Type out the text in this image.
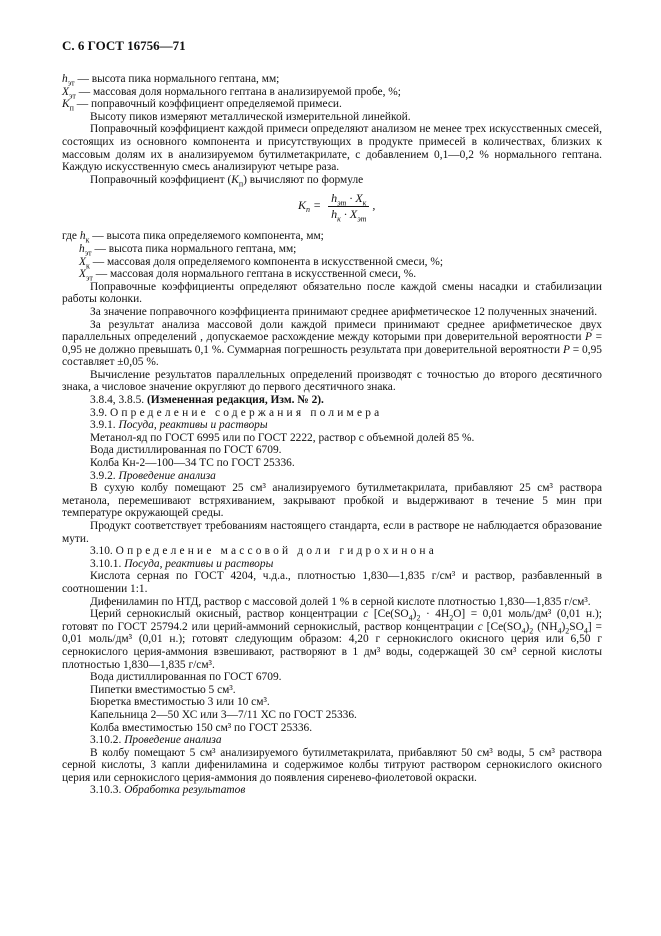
С. 6 ГОСТ 16756—71

$h_{эт}$ — высота пика нормального гептана, мм;

$X_{эт}$ — массовая доля нормального гептана в анализируемой пробе, %;

$K_п$ — поправочный коэффициент определяемой примеси.

Высоту пиков измеряют металлической измерительной линейкой.

Поправочный коэффициент каждой примеси определяют анализом не менее трех искусственных смесей, состоящих из основного компонента и присутствующих в продукте примесей в количествах, близких к массовым долям их в анализируемом бутилметакрилате, с добавлением 0,1—0,2 % нормального гептана. Каждую искусственную смесь анализируют четыре раза.

Поправочный коэффициент $(K_п)$ вычисляют по формуле

$K_п = \frac{h_{эт} \cdot X_к}{h_к \cdot X_{эт}}$ ,

где $h_к$ — высота пика определяемого компонента, мм;

$h_{эт}$ — высота пика нормального гептана, мм;

$X_к$ — массовая доля определяемого компонента в искусственной смеси, %;

$X_{эт}$ — массовая доля нормального гептана в искусственной смеси, %.

Поправочные коэффициенты определяют обязательно после каждой смены насадки и стабилизации работы колонки.

За значение поправочного коэффициента принимают среднее арифметическое 12 полученных значений.

За результат анализа массовой доли каждой примеси принимают среднее арифметическое двух параллельных определений , допускаемое расхождение между которыми при доверительной вероятности P = 0,95 не должно превышать 0,1 %. Суммарная погрешность результата при доверительной вероятности P = 0,95 составляет ±0,05 %.

Вычисление результатов параллельных определений производят с точностью до второго десятичного знака, а числовое значение округляют до первого десятичного знака.

3.8.4, 3.8.5. (Измененная редакция, Изм. № 2).

3.9. Определение содержания полимера

3.9.1. Посуда, реактивы и растворы

Метанол-яд по ГОСТ 6995 или по ГОСТ 2222, раствор с объемной долей 85 %.

Вода дистиллированная по ГОСТ 6709.

Колба Кн-2—100—34 ТС по ГОСТ 25336.

3.9.2. Проведение анализа

В сухую колбу помещают 25 см³ анализируемого бутилметакрилата, прибавляют 25 см³ раствора метанола, перемешивают встряхиванием, закрывают пробкой и выдерживают в течение 5 мин при температуре окружающей среды.

Продукт соответствует требованиям настоящего стандарта, если в растворе не наблюдается образование мути.

3.10. Определение массовой доли гидрохинона

3.10.1. Посуда, реактивы и растворы

Кислота серная по ГОСТ 4204, ч.д.а., плотностью 1,830—1,835 г/см³ и раствор, разбавленный в соотношении 1:1.

Дифениламин по НТД, раствор с массовой долей 1 % в серной кислоте плотностью 1,830—1,835 г/см³.

Церий сернокислый окисный, раствор концентрации c $[Ce(SO_4)_2 \cdot 4H_2O] = 0,01$ моль/дм³ (0,01 н.); готовят по ГОСТ 25794.2 или церий-аммоний сернокислый, раствор концентрации c [$Ce(SO_4)_2$ $(NH_4)_2SO_4] = 0,01$ моль/дм³ (0,01 н.); готовят следующим образом: 4,20 г сернокислого окисного церия или 6,50 г сернокислого церия-аммония взвешивают, растворяют в 1 дм³ воды, содержащей 30 см³ серной кислоты плотностью 1,830—1,835 г/см³.

Вода дистиллированная по ГОСТ 6709.

Пипетки вместимостью 5 см³.

Бюретка вместимостью 3 или 10 см³.

Капельница 2—50 ХС или 3—7/11 ХС по ГОСТ 25336.

Колба вместимостью 150 см³ по ГОСТ 25336.

3.10.2. Проведение анализа

В колбу помещают 5 см³ анализируемого бутилметакрилата, прибавляют 50 см³ воды, 5 см³ раствора серной кислоты, 3 капли дифениламина и содержимое колбы титруют раствором сернокислого окисного церия или сернокислого церия-аммония до появления сиренево-фиолетовой окраски.

3.10.3. Обработка результатов
